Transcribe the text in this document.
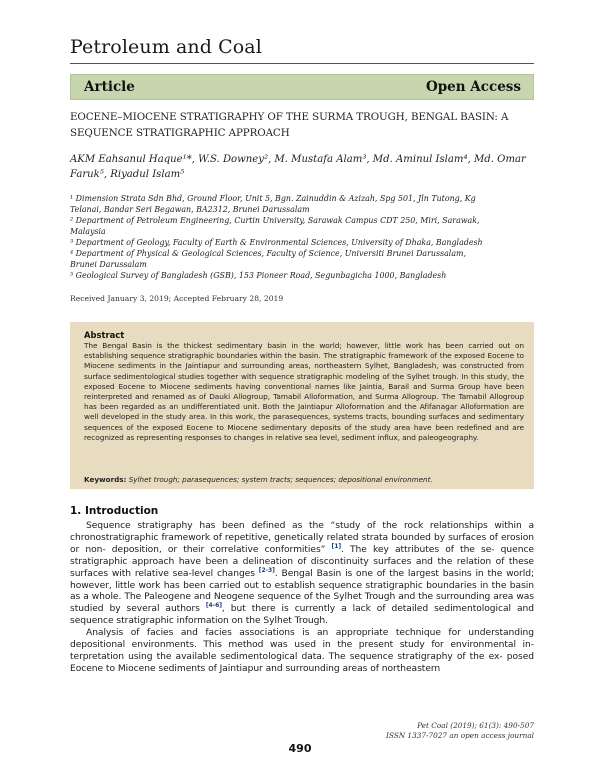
Petroleum and Coal
Article	Open Access
EOCENE–MIOCENE STRATIGRAPHY OF THE SURMA TROUGH, BENGAL BASIN: A SEQUENCE STRATIGRAPHIC APPROACH
AKM Eahsanul Haque¹*, W.S. Downey², M. Mustafa Alam³, Md. Aminul Islam⁴, Md. Omar Faruk⁵, Riyadul Islam⁵
¹ Dimension Strata Sdn Bhd, Ground Floor, Unit 5, Bgn. Zainuddin & Azizah, Spg 501, Jln Tutong, Kg
Telanai, Bandar Seri Begawan, BA2312, Brunei Darussalam
² Department of Petroleum Engineering, Curtin University, Sarawak Campus CDT 250, Miri, Sarawak,
Malaysia
³ Department of Geology, Faculty of Earth & Environmental Sciences, University of Dhaka, Bangladesh
⁴ Department of Physical & Geological Sciences, Faculty of Science, Universiti Brunei Darussalam,
Brunei Darussalam
⁵ Geological Survey of Bangladesh (GSB), 153 Pioneer Road, Segunbagicha 1000, Bangladesh
Received January 3, 2019; Accepted February 28, 2019
Abstract
The Bengal Basin is the thickest sedimentary basin in the world; however, little work has been carried out on establishing sequence stratigraphic boundaries within the basin. The stratigraphic framework of the exposed Eocene to Miocene sediments in the Jaintiapur and surrounding areas, northeastern Sylhet, Bangladesh, was constructed from surface sedimentological studies together with sequence stratigraphic modeling of the Sylhet trough. In this study, the exposed Eocene to Miocene sediments having conventional names like Jaintia, Barail and Surma Group have been reinterpreted and renamed as of Dauki Allogroup, Tamabil Alloformation, and Surma Allogroup. The Tamabil Allogroup has been regarded as an undifferentiated unit. Both the Jaintiapur Alloformation and the Afifanagar Alloformation are well developed in the study area. In this work, the parasequences, systems tracts, bounding surfaces and sedimentary sequences of the exposed Eocene to Miocene sedimentary deposits of the study area have been redefined and are recognized as representing responses to changes in relative sea level, sediment influx, and paleogeography.
Keywords: Sylhet trough; parasequences; system tracts; sequences; depositional environment.
1. Introduction

Sequence stratigraphy has been defined as the “study of the rock relationships within a chronostratigraphic framework of repetitive, genetically related strata bounded by surfaces of erosion or non- deposition, or their correlative conformities” [1]. The key attributes of the se- quence stratigraphic approach have been a delineation of discontinuity surfaces and the relation of these surfaces with relative sea-level changes [2-3]. Bengal Basin is one of the largest basins in the world; however, little work has been carried out to establish sequence stratigraphic boundaries in the basin as a whole. The Paleogene and Neogene sequence of the Sylhet Trough and the surrounding area was studied by several authors [4-6], but there is currently a lack of detailed sedimentological and sequence stratigraphic information on the Sylhet Trough.

Analysis of facies and facies associations is an appropriate technique for understanding depositional environments. This method was used in the present study for environmental in- terpretation using the available sedimentological data. The sequence stratigraphy of the ex- posed Eocene to Miocene sediments of Jaintiapur and surrounding areas of northeastern

Pet Coal (2019); 61(3): 490-507
ISSN 1337-7027 an open access journal
490
